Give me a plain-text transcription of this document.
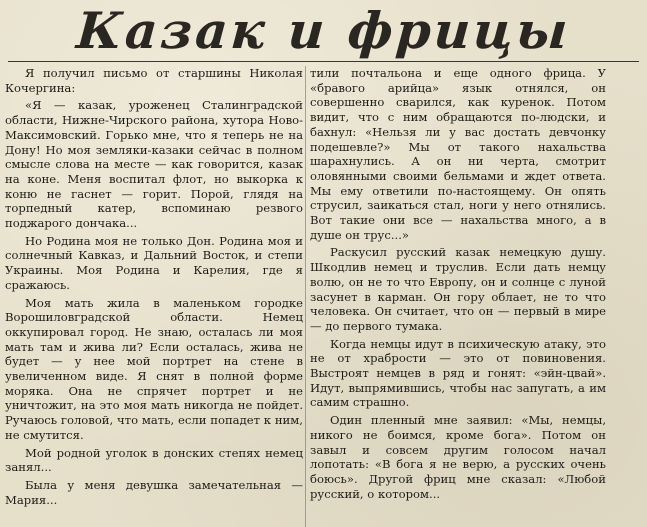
Казак и фрицы

Я получил письмо от старшины Николая Кочергина:

«Я — казак, уроженец Сталинградской области, Нижне-Чирского района, хутора Ново-Максимовский. Горько мне, что я теперь не на Дону! Но моя земляки-казаки сейчас в полном смысле слова на месте — как говорится, казак на коне. Меня воспитал флот, но выкорка к коню не гаснет — горит. Порой, глядя на торпедный катер, вспоминаю резвого поджарого дончака...

Но Родина моя не только Дон. Родина моя и солнечный Кавказ, и Дальний Восток, и степи Украины. Моя Родина и Карелия, где я сражаюсь.

Моя мать жила в маленьком городке Ворошиловградской области. Немец оккупировал город. Не знаю, осталась ли моя мать там и жива ли? Если осталась, жива не будет — у нее мой портрет на стене в увеличенном виде. Я снят в полной форме моряка. Она не спрячет портрет и не уничтожит, на это моя мать никогда не пойдет. Ручаюсь головой, что мать, если попадет к ним, не смутится.

Мой родной уголок в донских степях немец занял...

Была у меня девушка замечательная — Мария...

тили почтальона и еще одного фрица. У «бравого арийца» язык отнялся, он совершенно сварился, как куренок. Потом видит, что с ним обращаются по-людски, и бахнул: «Нельзя ли у вас достать девчонку подешевле?» Мы от такого нахальства шарахнулись. А он ни черта, смотрит оловянными своими бельмами и ждет ответа. Мы ему ответили по-настоящему. Он опять струсил, заикаться стал, ноги у него отнялись. Вот такие они все — нахальства много, а в душе он трус...»

Раскусил русский казак немецкую душу. Шкодлив немец и труслив. Если дать немцу волю, он не то что Европу, он и солнце с луной засунет в карман. Он гору облает, не то что человека. Он считает, что он — первый в мире — до первого тумака.

Когда немцы идут в психическую атаку, это не от храбрости — это от повиновения. Выстроят немцев в ряд и гонят: «эйн-цвай». Идут, выпрямившись, чтобы нас запугать, а им самим страшно.

Один пленный мне заявил: «Мы, немцы, никого не боимся, кроме бога». Потом он завыл и совсем другим голосом начал лопотать: «В бога я не верю, а русских очень боюсь». Другой фриц мне сказал: «Любой русский, о котором...
